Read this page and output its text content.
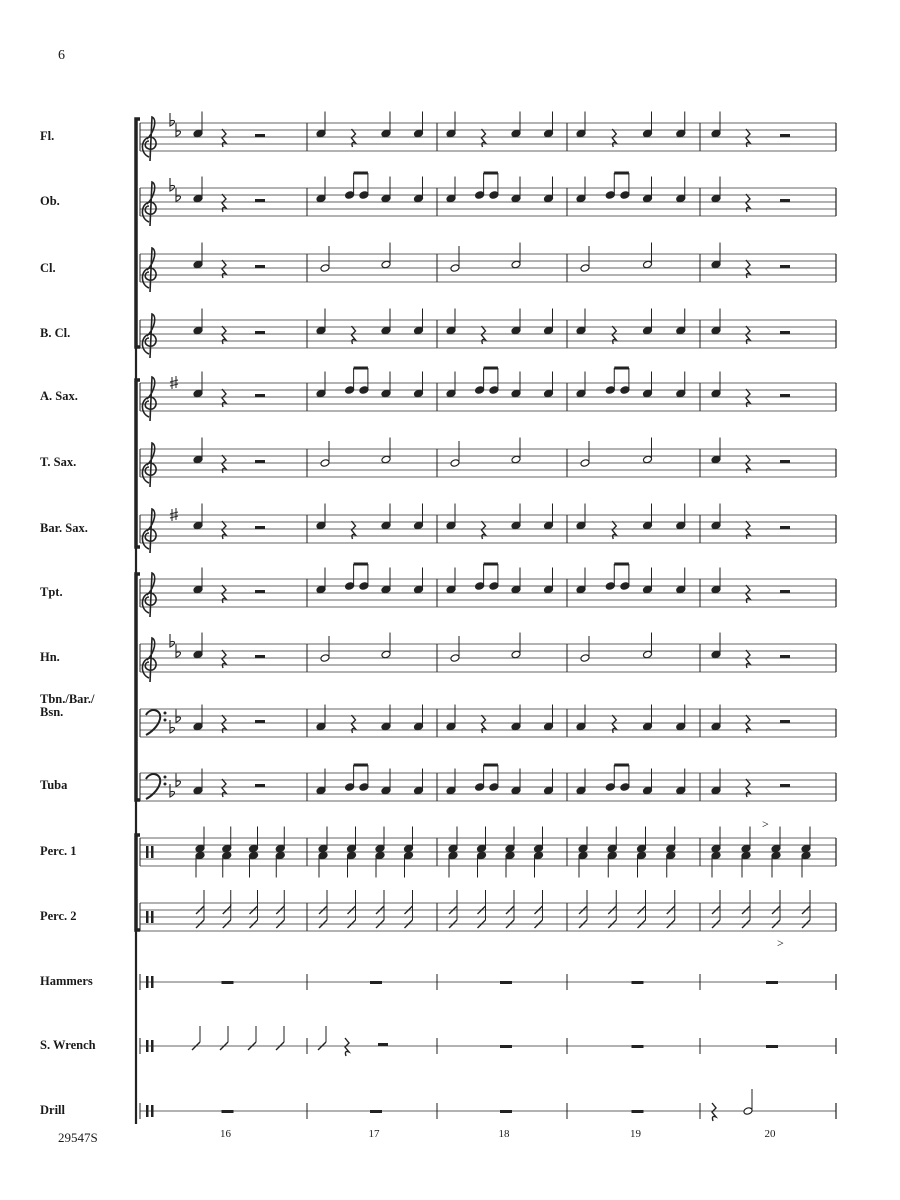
6
29547S
Fl.
Ob.
Cl.
B. Cl.
A. Sax.
T. Sax.
Bar. Sax.
Tpt.
Hn.
Tbn./Bar./
Bsn.
Tuba
Perc. 1
Perc. 2
Hammers
S. Wrench
Drill
16	17	18	19	20
>
>
